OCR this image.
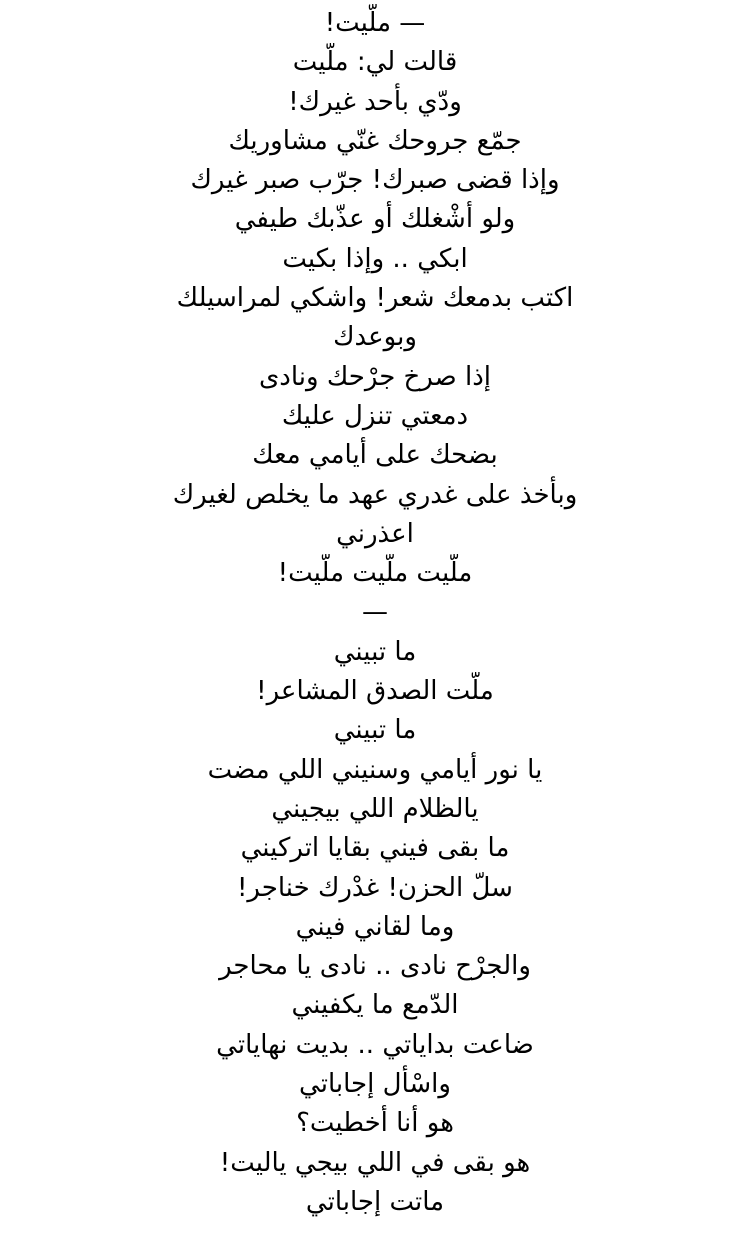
— ملّيت!
قالت لي: ملّيت
ودّي بأحد غيرك!
جمّع جروحك غنّي مشاوريك
وإذا قضى صبرك! جرّب صبر غيرك
ولو أشْغلك أو عذّبك طيفي
ابكي .. وإذا بكيت
اكتب بدمعك شعر! واشكي لمراسيلك
وبوعدك
إذا صرخ جرْحك ونادى
دمعتي تنزل عليك
بضحك على أيامي معك
وبأخذ على غدري عهد ما يخلص لغيرك
اعذرني
ملّيت ملّيت ملّيت!
—
ما تبيني
ملّت الصدق المشاعر!
ما تبيني
يا نور أيامي وسنيني اللي مضت
يالظلام اللي بيجيني
ما بقى فيني بقايا اتركيني
سلّ الحزن! غدْرك خناجر!
وما لقاني فيني
والجرْح نادى .. نادى يا محاجر
الدّمع ما يكفيني
ضاعت بداياتي .. بديت نهاياتي
واسْأل إجاباتي
هو أنا أخطيت؟
هو بقى في اللي بيجي ياليت!
ماتت إجاباتي
